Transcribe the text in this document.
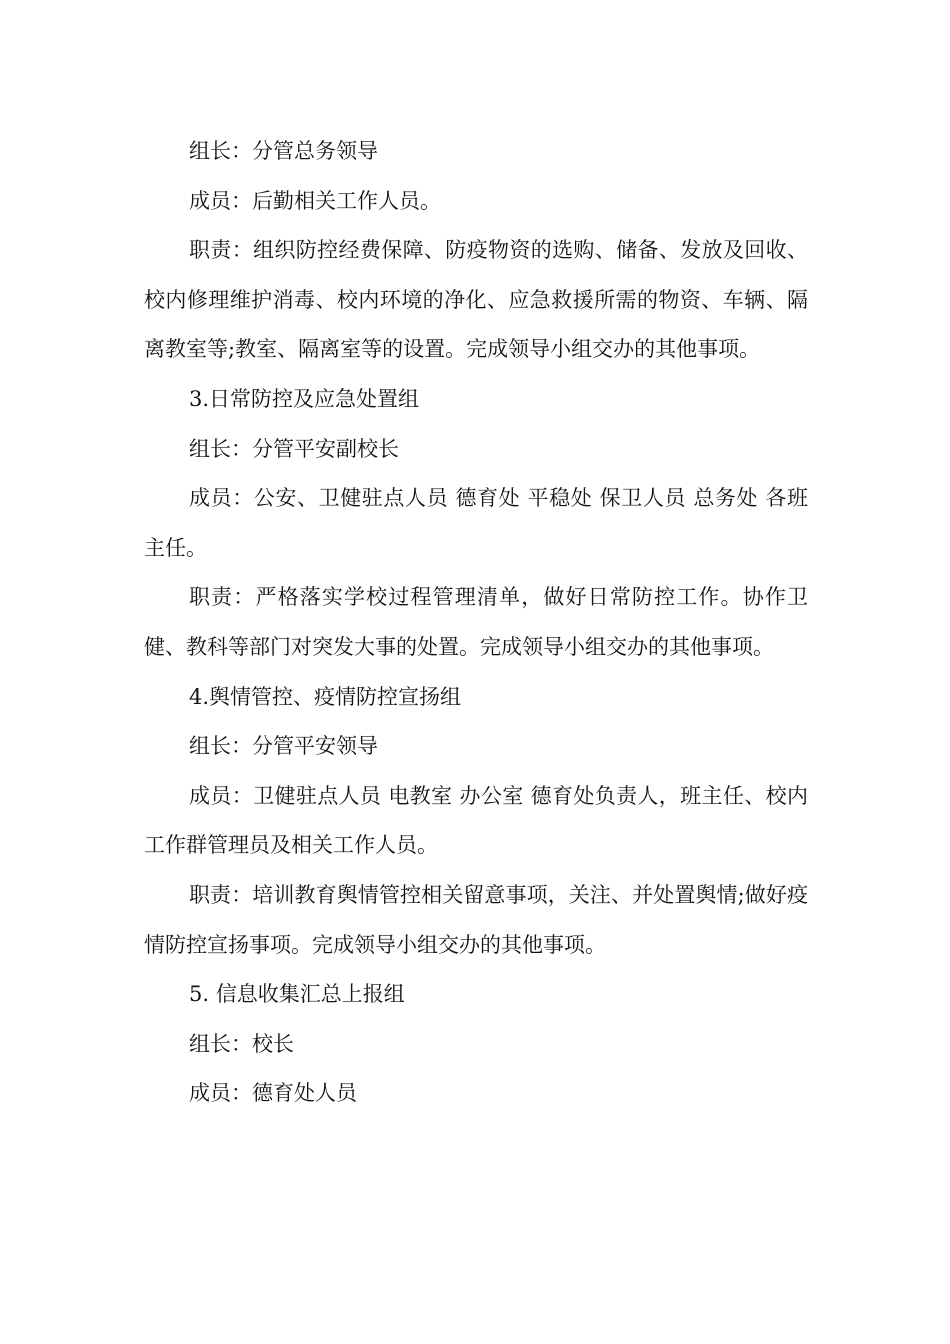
组长：分管总务领导

成员：后勤相关工作人员。

职责：组织防控经费保障、防疫物资的选购、储备、发放及回收、校内修理维护消毒、校内环境的净化、应急救援所需的物资、车辆、隔离教室等;教室、隔离室等的设置。完成领导小组交办的其他事项。

3.日常防控及应急处置组

组长：分管平安副校长

成员：公安、卫健驻点人员 德育处 平稳处 保卫人员 总务处 各班主任。

职责：严格落实学校过程管理清单，做好日常防控工作。协作卫健、教科等部门对突发大事的处置。完成领导小组交办的其他事项。

4.舆情管控、疫情防控宣扬组

组长：分管平安领导

成员：卫健驻点人员 电教室 办公室 德育处负责人，班主任、校内工作群管理员及相关工作人员。

职责：培训教育舆情管控相关留意事项，关注、并处置舆情;做好疫情防控宣扬事项。完成领导小组交办的其他事项。

5. 信息收集汇总上报组

组长：校长

成员：德育处人员
